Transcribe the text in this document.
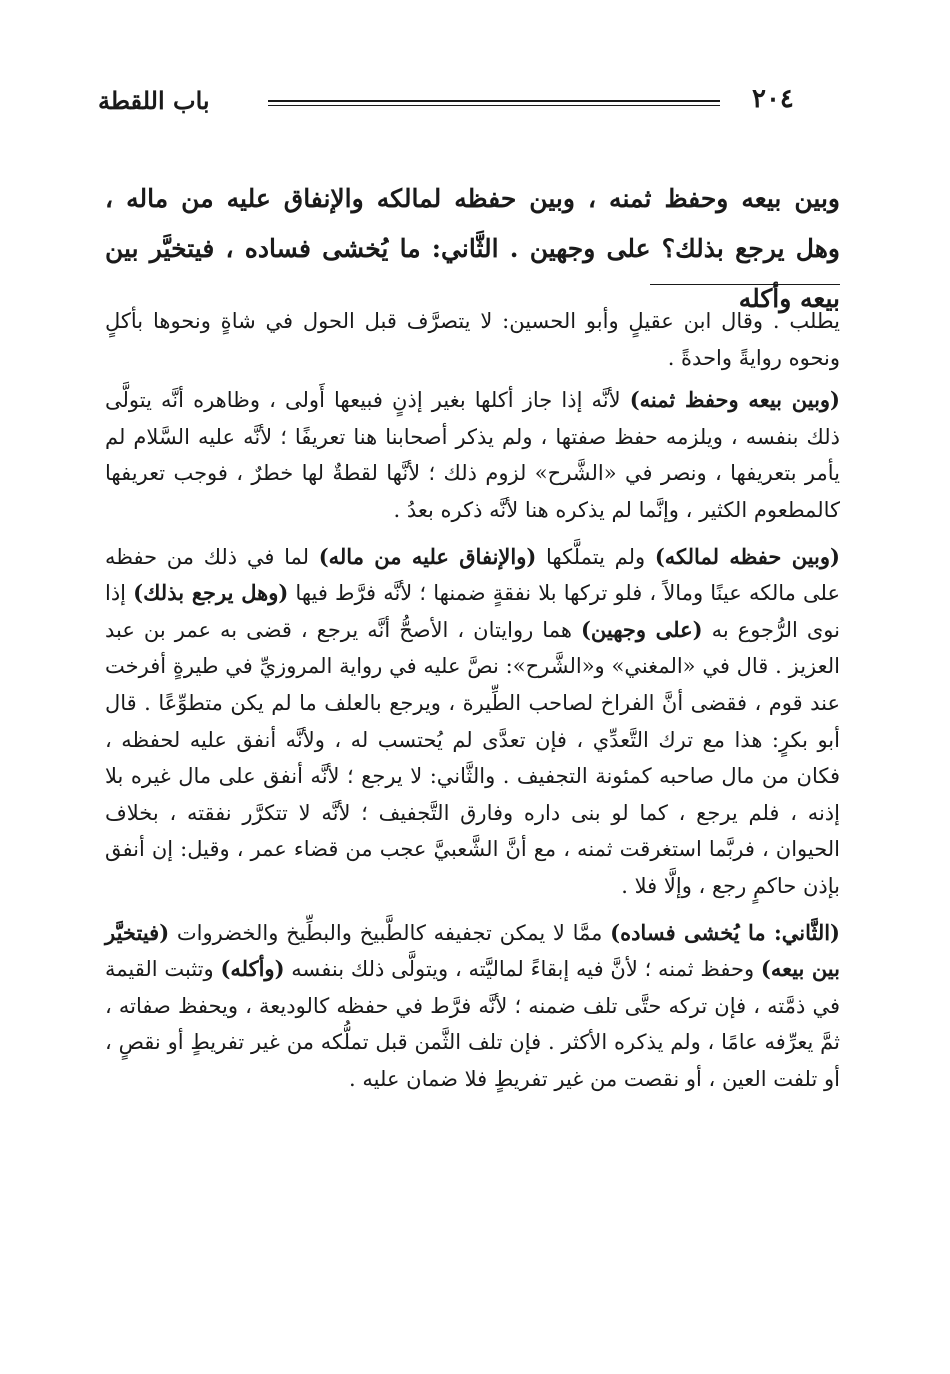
٢٠٤
باب اللقطة

وبين بيعه وحفظ ثمنه ، وبين حفظه لمالكه والإنفاق عليه من ماله ، وهل يرجع بذلك؟ على وجهين . الثَّاني: ما يُخشى فساده ، فيتخيَّر بين بيعه وأكله

يطلب . وقال ابن عقيلٍ وأبو الحسين: لا يتصرَّف قبل الحول في شاةٍ ونحوها بأكلٍ ونحوه روايةً واحدةً .

(وبين بيعه وحفظ ثمنه) لأنَّه إذا جاز أكلها بغير إذنٍ فبيعها أَولى ، وظاهره أنَّه يتولَّى ذلك بنفسه ، ويلزمه حفظ صفتها ، ولم يذكر أصحابنا هنا تعريفًا ؛ لأنَّه عليه السَّلام لم يأمر بتعريفها ، ونصر في «الشَّرح» لزوم ذلك ؛ لأنَّها لقطةٌ لها خطرٌ ، فوجب تعريفها كالمطعوم الكثير ، وإنَّما لم يذكره هنا لأنَّه ذكره بعدُ .

(وبين حفظه لمالكه) ولم يتملَّكها (والإنفاق عليه من ماله) لما في ذلك من حفظه على مالكه عينًا ومالاً ، فلو تركها بلا نفقةٍ ضمنها ؛ لأنَّه فرَّط فيها (وهل يرجع بذلك) إذا نوى الرُّجوع به (على وجهين) هما روايتان ، الأصحُّ أنَّه يرجع ، قضى به عمر بن عبد العزيز . قال في «المغني» و«الشَّرح»: نصَّ عليه في رواية المروزيِّ في طيرةٍ أفرخت عند قوم ، فقضى أنَّ الفراخ لصاحب الطِّيرة ، ويرجع بالعلف ما لم يكن متطوِّعًا . قال أبو بكرٍ: هذا مع ترك التَّعدِّي ، فإن تعدَّى لم يُحتسب له ، ولأنَّه أنفق عليه لحفظه ، فكان من مال صاحبه كمئونة التجفيف . والثَّاني: لا يرجع ؛ لأنَّه أنفق على مال غيره بلا إذنه ، فلم يرجع ، كما لو بنى داره وفارق التَّجفيف ؛ لأنَّه لا تتكرَّر نفقته ، بخلاف الحيوان ، فربَّما استغرقت ثمنه ، مع أنَّ الشَّعبيَّ عجب من قضاء عمر ، وقيل: إن أنفق بإذن حاكمٍ رجع ، وإلَّا فلا .

(الثَّاني: ما يُخشى فساده) ممَّا لا يمكن تجفيفه كالطَّبيخ والبطِّيخ والخضروات (فيتخيَّر بين بيعه) وحفظ ثمنه ؛ لأنَّ فيه إبقاءً لماليَّته ، ويتولَّى ذلك بنفسه (وأكله) وتثبت القيمة في ذمَّته ، فإن تركه حتَّى تلف ضمنه ؛ لأنَّه فرَّط في حفظه كالوديعة ، ويحفظ صفاته ، ثمَّ يعرِّفه عامًا ، ولم يذكره الأكثر . فإن تلف الثَّمن قبل تملُّكه من غير تفريطٍ أو نقصٍ ، أو تلفت العين ، أو نقصت من غير تفريطٍ فلا ضمان عليه .
